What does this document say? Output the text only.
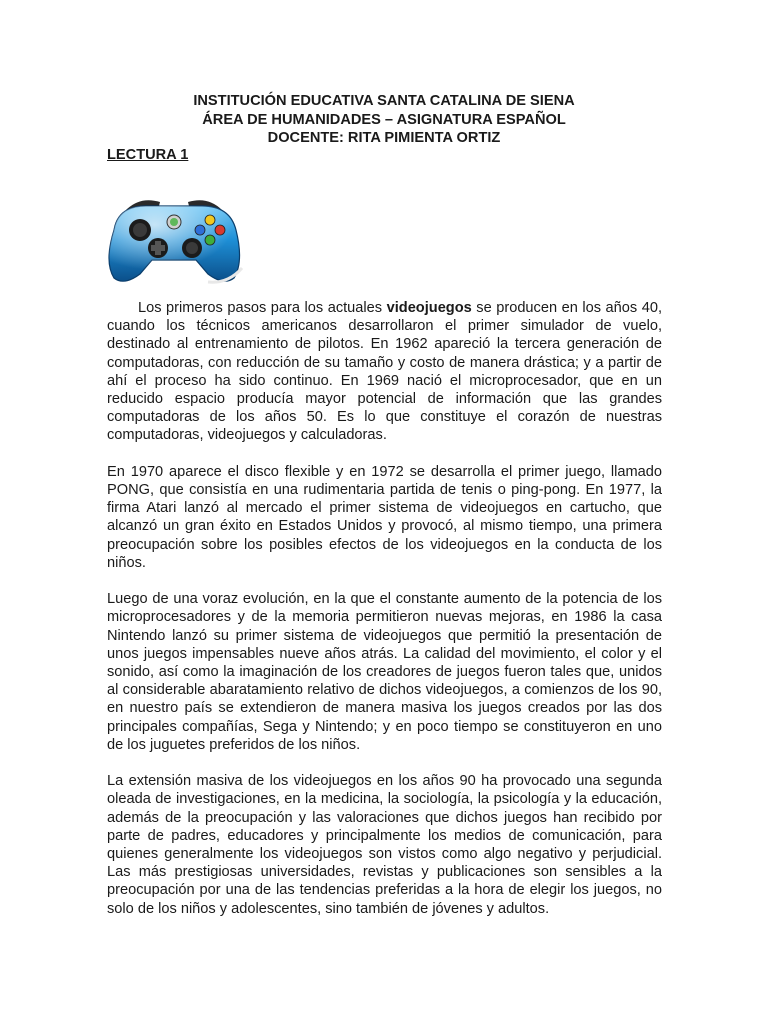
INSTITUCIÓN EDUCATIVA SANTA CATALINA DE SIENA
ÁREA DE HUMANIDADES – ASIGNATURA ESPAÑOL
DOCENTE: RITA PIMIENTA ORTIZ
LECTURA 1

Los primeros pasos para los actuales videojuegos se producen en los años 40, cuando los técnicos americanos desarrollaron el primer simulador de vuelo, destinado al entrenamiento de pilotos. En 1962 apareció la tercera generación de computadoras, con reducción de su tamaño y costo de manera drástica; y a partir de ahí el proceso ha sido continuo. En 1969 nació el microprocesador, que en un reducido espacio producía mayor potencial de información que las grandes computadoras de los años 50. Es lo que constituye el corazón de nuestras computadoras, videojuegos y calculadoras.

En 1970 aparece el disco flexible y en 1972 se desarrolla el primer juego, llamado PONG, que consistía en una rudimentaria partida de tenis o ping-pong. En 1977, la firma Atari lanzó al mercado el primer sistema de videojuegos en cartucho, que alcanzó un gran éxito en Estados Unidos y provocó, al mismo tiempo, una primera preocupación sobre los posibles efectos de los videojuegos en la conducta de los niños.

Luego de una voraz evolución, en la que el constante aumento de la potencia de los microprocesadores y de la memoria permitieron nuevas mejoras, en 1986 la casa Nintendo lanzó su primer sistema de videojuegos que permitió la presentación de unos juegos impensables nueve años atrás. La calidad del movimiento, el color y el sonido, así como la imaginación de los creadores de juegos fueron tales que, unidos al considerable abaratamiento relativo de dichos videojuegos, a comienzos de los 90, en nuestro país se extendieron de manera masiva los juegos creados por las dos principales compañías, Sega y Nintendo; y en poco tiempo se constituyeron en uno de los juguetes preferidos de los niños.

La extensión masiva de los videojuegos en los años 90 ha provocado una segunda oleada de investigaciones, en la medicina, la sociología, la psicología y la educación, además de la preocupación y las valoraciones que dichos juegos han recibido por parte de padres, educadores y principalmente los medios de comunicación, para quienes generalmente los videojuegos son vistos como algo negativo y perjudicial. Las más prestigiosas universidades, revistas y publicaciones son sensibles a la preocupación por una de las tendencias preferidas a la hora de elegir los juegos, no solo de los niños y adolescentes, sino también de jóvenes y adultos.
